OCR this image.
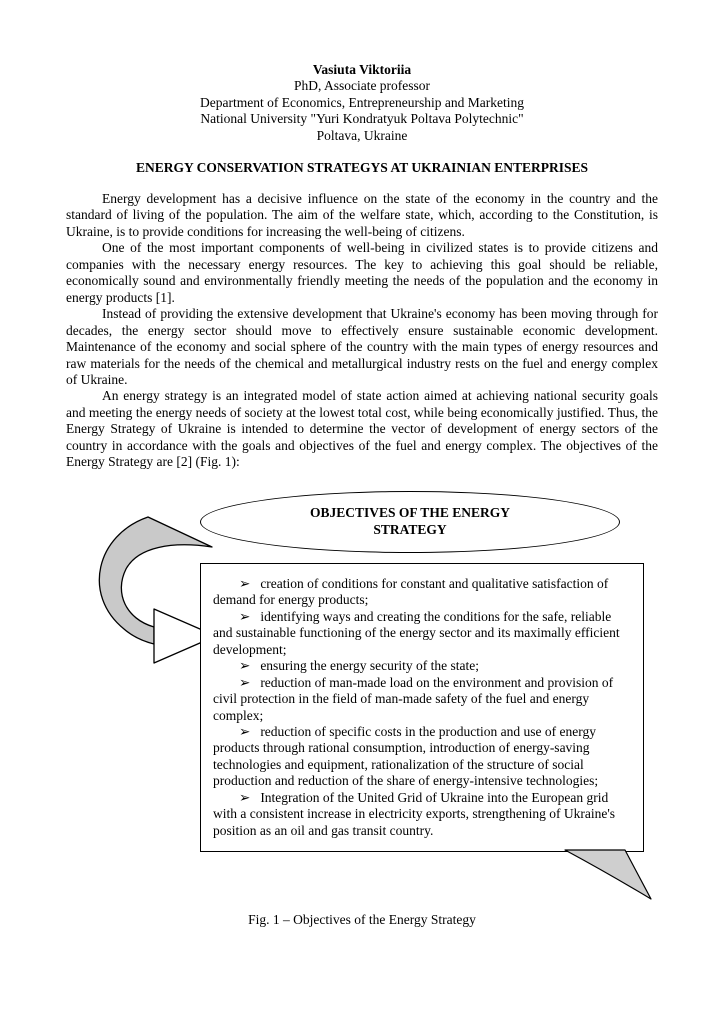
Vasiuta Viktoriia
PhD, Associate professor
Department of Economics, Entrepreneurship and Marketing
National University "Yuri Kondratyuk Poltava Polytechnic"
Poltava, Ukraine
ENERGY CONSERVATION STRATEGYS AT UKRAINIAN ENTERPRISES

Energy development has a decisive influence on the state of the economy in the country and the standard of living of the population. The aim of the welfare state, which, according to the Constitution, is Ukraine, is to provide conditions for increasing the well-being of citizens.

One of the most important components of well-being in civilized states is to provide citizens and companies with the necessary energy resources. The key to achieving this goal should be reliable, economically sound and environmentally friendly meeting the needs of the population and the economy in energy products [1].

Instead of providing the extensive development that Ukraine's economy has been moving through for decades, the energy sector should move to effectively ensure sustainable economic development. Maintenance of the economy and social sphere of the country with the main types of energy resources and raw materials for the needs of the chemical and metallurgical industry rests on the fuel and energy complex of Ukraine.

An energy strategy is an integrated model of state action aimed at achieving national security goals and meeting the energy needs of society at the lowest total cost, while being economically justified. Thus, the Energy Strategy of Ukraine is intended to determine the vector of development of energy sectors of the country in accordance with the goals and objectives of the fuel and energy complex. The objectives of the Energy Strategy are [2] (Fig. 1):

OBJECTIVES OF THE ENERGY STRATEGY

➢ creation of conditions for constant and qualitative satisfaction of demand for energy products;

➢ identifying ways and creating the conditions for the safe, reliable and sustainable functioning of the energy sector and its maximally efficient development;

➢ ensuring the energy security of the state;

➢ reduction of man-made load on the environment and provision of civil protection in the field of man-made safety of the fuel and energy complex;

➢ reduction of specific costs in the production and use of energy products through rational consumption, introduction of energy-saving technologies and equipment, rationalization of the structure of social production and reduction of the share of energy-intensive technologies;

➢ Integration of the United Grid of Ukraine into the European grid with a consistent increase in electricity exports, strengthening of Ukraine's position as an oil and gas transit country.

Fig. 1 – Objectives of the Energy Strategy
